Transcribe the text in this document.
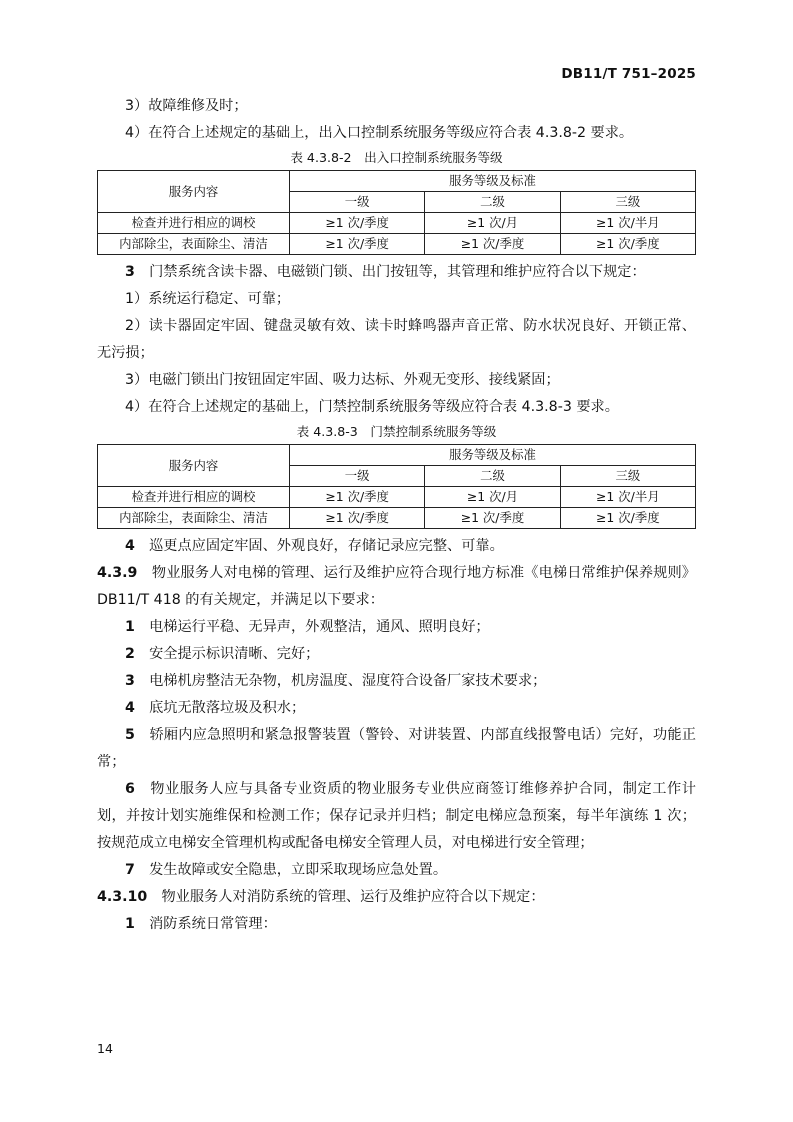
DB11/T 751–2025

3）故障维修及时；

4）在符合上述规定的基础上，出入口控制系统服务等级应符合表 4.3.8-2 要求。

表 4.3.8-2　出入口控制系统服务等级
服务内容	服务等级及标准		
	一级	二级	三级
检查并进行相应的调校	≥1 次/季度	≥1 次/月	≥1 次/半月
内部除尘，表面除尘、清洁	≥1 次/季度	≥1 次/季度	≥1 次/季度

3　 门禁系统含读卡器、电磁锁门锁、出门按钮等，其管理和维护应符合以下规定：

1）系统运行稳定、可靠；

2）读卡器固定牢固、键盘灵敏有效、读卡时蜂鸣器声音正常、防水状况良好、开锁正常、无污损；

3）电磁门锁出门按钮固定牢固、吸力达标、外观无变形、接线紧固；

4）在符合上述规定的基础上，门禁控制系统服务等级应符合表 4.3.8-3 要求。

表 4.3.8-3　门禁控制系统服务等级
服务内容	服务等级及标准		
	一级	二级	三级
检查并进行相应的调校	≥1 次/季度	≥1 次/月	≥1 次/半月
内部除尘，表面除尘、清洁	≥1 次/季度	≥1 次/季度	≥1 次/季度

4　 巡更点应固定牢固、外观良好，存储记录应完整、可靠。

4.3.9　 物业服务人对电梯的管理、运行及维护应符合现行地方标准《电梯日常维护保养规则》DB11/T 418 的有关规定，并满足以下要求：

1　 电梯运行平稳、无异声，外观整洁，通风、照明良好；

2　 安全提示标识清晰、完好；

3　 电梯机房整洁无杂物，机房温度、湿度符合设备厂家技术要求；

4　 底坑无散落垃圾及积水；

5　 轿厢内应急照明和紧急报警装置（警铃、对讲装置、内部直线报警电话）完好，功能正常；

6　 物业服务人应与具备专业资质的物业服务专业供应商签订维修养护合同，制定工作计划，并按计划实施维保和检测工作；保存记录并归档；制定电梯应急预案，每半年演练 1 次；按规范成立电梯安全管理机构或配备电梯安全管理人员，对电梯进行安全管理；

7　 发生故障或安全隐患，立即采取现场应急处置。

4.3.10　 物业服务人对消防系统的管理、运行及维护应符合以下规定：

1　 消防系统日常管理：

14
